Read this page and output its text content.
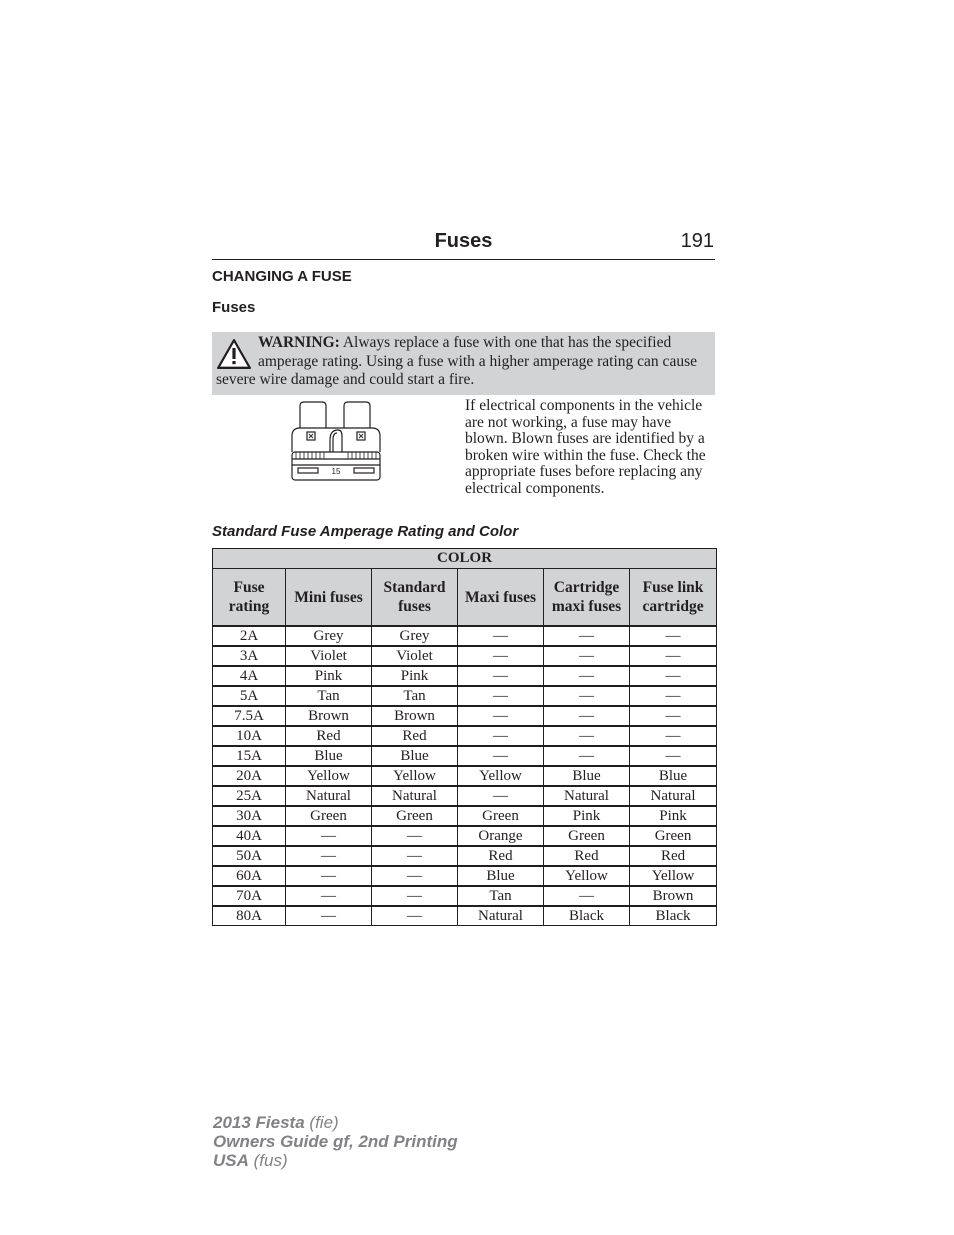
Fuses	191
CHANGING A FUSE
Fuses
WARNING: Always replace a fuse with one that has the specified amperage rating. Using a fuse with a higher amperage rating can cause severe wire damage and could start a fire.
15

If electrical components in the vehicle are not working, a fuse may have blown. Blown fuses are identified by a broken wire within the fuse. Check the appropriate fuses before replacing any electrical components.

Standard Fuse Amperage Rating and Color
COLOR					
Fuse rating	Mini fuses	Standard fuses	Maxi fuses	Cartridge maxi fuses	Fuse link cartridge
2A	Grey	Grey	—	—	—
3A	Violet	Violet	—	—	—
4A	Pink	Pink	—	—	—
5A	Tan	Tan	—	—	—
7.5A	Brown	Brown	—	—	—
10A	Red	Red	—	—	—
15A	Blue	Blue	—	—	—
20A	Yellow	Yellow	Yellow	Blue	Blue
25A	Natural	Natural	—	Natural	Natural
30A	Green	Green	Green	Pink	Pink
40A	—	—	Orange	Green	Green
50A	—	—	Red	Red	Red
60A	—	—	Blue	Yellow	Yellow
70A	—	—	Tan	—	Brown
80A	—	—	Natural	Black	Black
2013 Fiesta (fie)
Owners Guide gf, 2nd Printing
USA (fus)
